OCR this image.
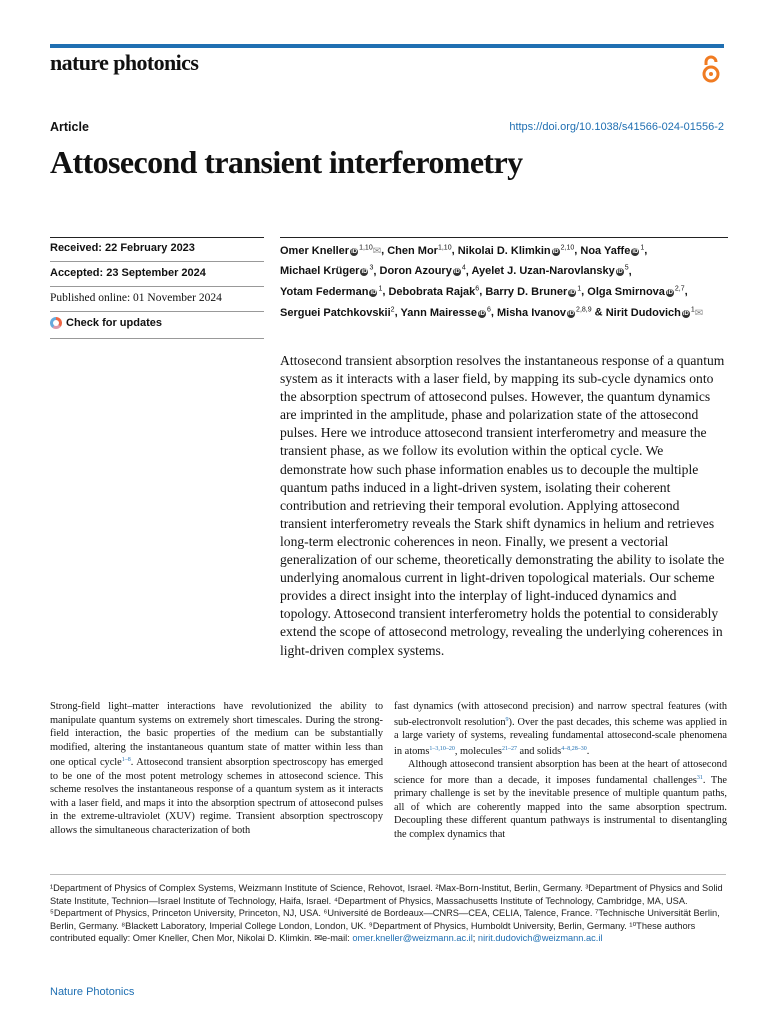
nature photonics
Article	https://doi.org/10.1038/s41566-024-01556-2
Attosecond transient interferometry
Received: 22 February 2023
Accepted: 23 September 2024
Published online: 01 November 2024
Check for updates
Omer Kneller iD$^{1,10}$✉, Chen Mor$^{1,10}$, Nikolai D. Klimkin iD$^{2,10}$, Noa Yaffe $iD^1$, Michael Krüger $iD^3$, Doron Azoury $iD^4$, Ayelet J. Uzan-Narovlansky $iD^5$, Yotam Federman $iD^1$, Debobrata Rajak$^6$, Barry D. Bruner $iD^1$, Olga Smirnova iD$^{2,7}$, Serguei Patchkovskii$^2$, Yann Mairesse $iD^6$, Misha Ivanov iD$^{2,8,9}$ & Nirit Dudovich $iD^1✉$

Attosecond transient absorption resolves the instantaneous response of a quantum system as it interacts with a laser field, by mapping its sub-cycle dynamics onto the absorption spectrum of attosecond pulses. However, the quantum dynamics are imprinted in the amplitude, phase and polarization state of the attosecond pulses. Here we introduce attosecond transient interferometry and measure the transient phase, as we follow its evolution within the optical cycle. We demonstrate how such phase information enables us to decouple the multiple quantum paths induced in a light-driven system, isolating their coherent contribution and retrieving their temporal evolution. Applying attosecond transient interferometry reveals the Stark shift dynamics in helium and retrieves long-term electronic coherences in neon. Finally, we present a vectorial generalization of our scheme, theoretically demonstrating the ability to isolate the underlying anomalous current in light-driven topological materials. Our scheme provides a direct insight into the interplay of light-induced dynamics and topology. Attosecond transient interferometry holds the potential to considerably extend the scope of attosecond metrology, revealing the underlying coherences in light-driven complex systems.

Strong-field light–matter interactions have revolutionized the ability to manipulate quantum systems on extremely short timescales. During the strong-field interaction, the basic properties of the medium can be substantially modified, altering the instantaneous quantum state of matter within less than one optical cycle$^{1-8}$. Attosecond transient absorption spectroscopy has emerged to be one of the most potent metrology schemes in attosecond science. This scheme resolves the instantaneous response of a quantum system as it interacts with a laser field, and maps it into the absorption spectrum of attosecond pulses in the extreme-ultraviolet (XUV) regime. Transient absorption spectroscopy allows the simultaneous characterization of both

fast dynamics (with attosecond precision) and narrow spectral features (with sub-electronvolt resolution$^9$). Over the past decades, this scheme was applied in a large variety of systems, revealing fundamental attosecond-scale phenomena in atoms$^{1-3,10-20}$, molecules$^{21-27}$ and solids$^{4-8,28-30}$.

Although attosecond transient absorption has been at the heart of attosecond science for more than a decade, it imposes fundamental challenges$^{31}$. The primary challenge is set by the inevitable presence of multiple quantum paths, all of which are coherently mapped into the same absorption spectrum. Decoupling these different quantum pathways is instrumental to disentangling the complex dynamics that

¹Department of Physics of Complex Systems, Weizmann Institute of Science, Rehovot, Israel. ²Max-Born-Institut, Berlin, Germany. ³Department of Physics and Solid State Institute, Technion—Israel Institute of Technology, Haifa, Israel. ⁴Department of Physics, Massachusetts Institute of Technology, Cambridge, MA, USA. ⁵Department of Physics, Princeton University, Princeton, NJ, USA. ⁶Université de Bordeaux—CNRS—CEA, CELIA, Talence, France. ⁷Technische Universität Berlin, Berlin, Germany. ⁸Blackett Laboratory, Imperial College London, London, UK. ⁹Department of Physics, Humboldt University, Berlin, Germany. ¹⁰These authors contributed equally: Omer Kneller, Chen Mor, Nikolai D. Klimkin. ✉e-mail: omer.kneller@weizmann.ac.il; nirit.dudovich@weizmann.ac.il
Nature Photonics
